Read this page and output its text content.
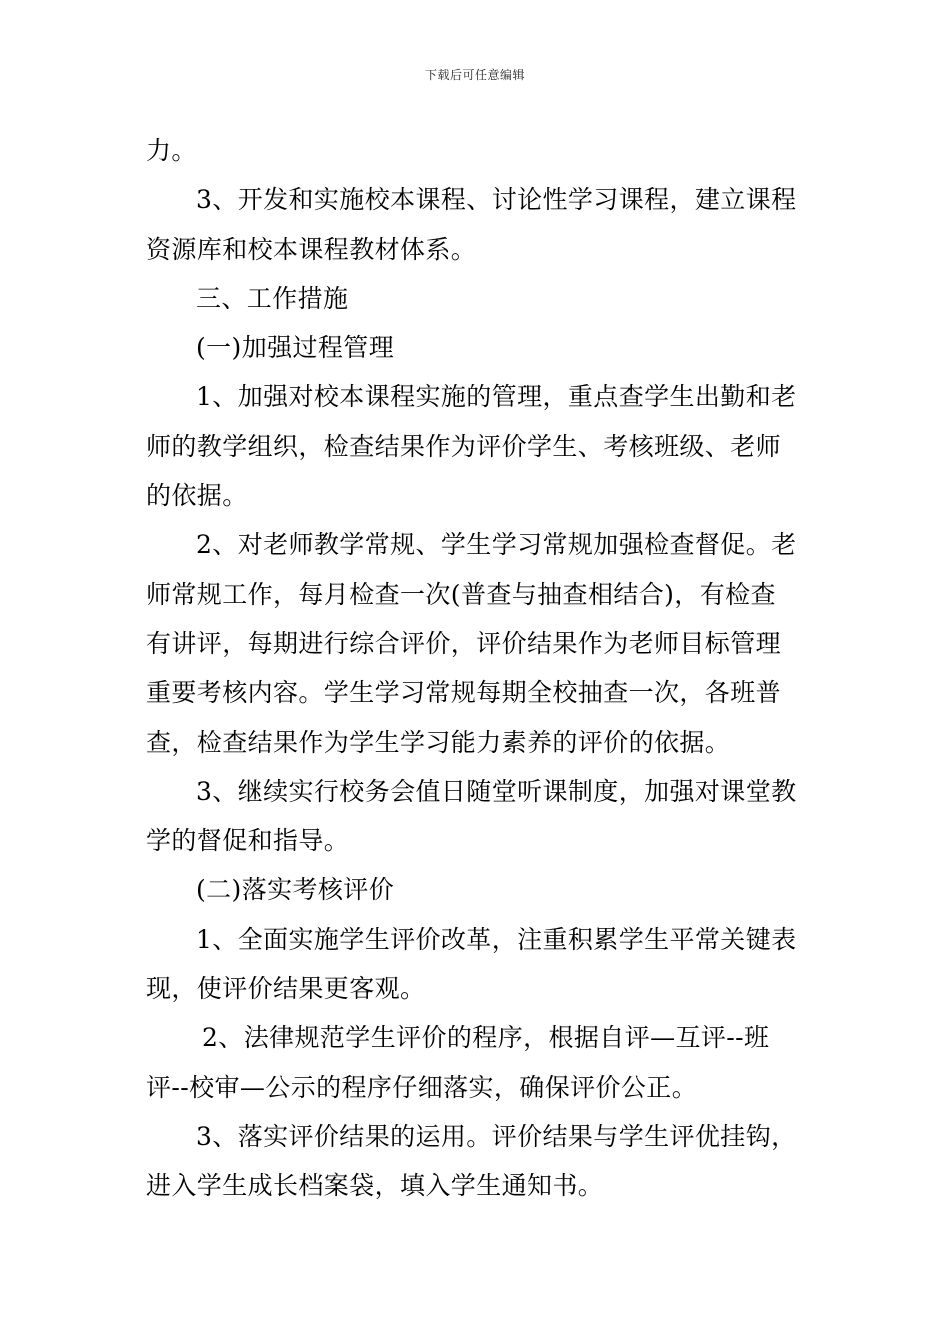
下载后可任意编辑
力。
3、开发和实施校本课程、讨论性学习课程，建立课程
资源库和校本课程教材体系。
三、工作措施
(一)加强过程管理
1、加强对校本课程实施的管理，重点查学生出勤和老
师的教学组织，检查结果作为评价学生、考核班级、老师
的依据。
2、对老师教学常规、学生学习常规加强检查督促。老
师常规工作，每月检查一次(普查与抽查相结合)，有检查
有讲评，每期进行综合评价，评价结果作为老师目标管理
重要考核内容。学生学习常规每期全校抽查一次，各班普
查，检查结果作为学生学习能力素养的评价的依据。
3、继续实行校务会值日随堂听课制度，加强对课堂教
学的督促和指导。
(二)落实考核评价
1、全面实施学生评价改革，注重积累学生平常关键表
现，使评价结果更客观。
2、法律规范学生评价的程序，根据自评—互评--班
评--校审—公示的程序仔细落实，确保评价公正。
3、落实评价结果的运用。评价结果与学生评优挂钩，
进入学生成长档案袋，填入学生通知书。
